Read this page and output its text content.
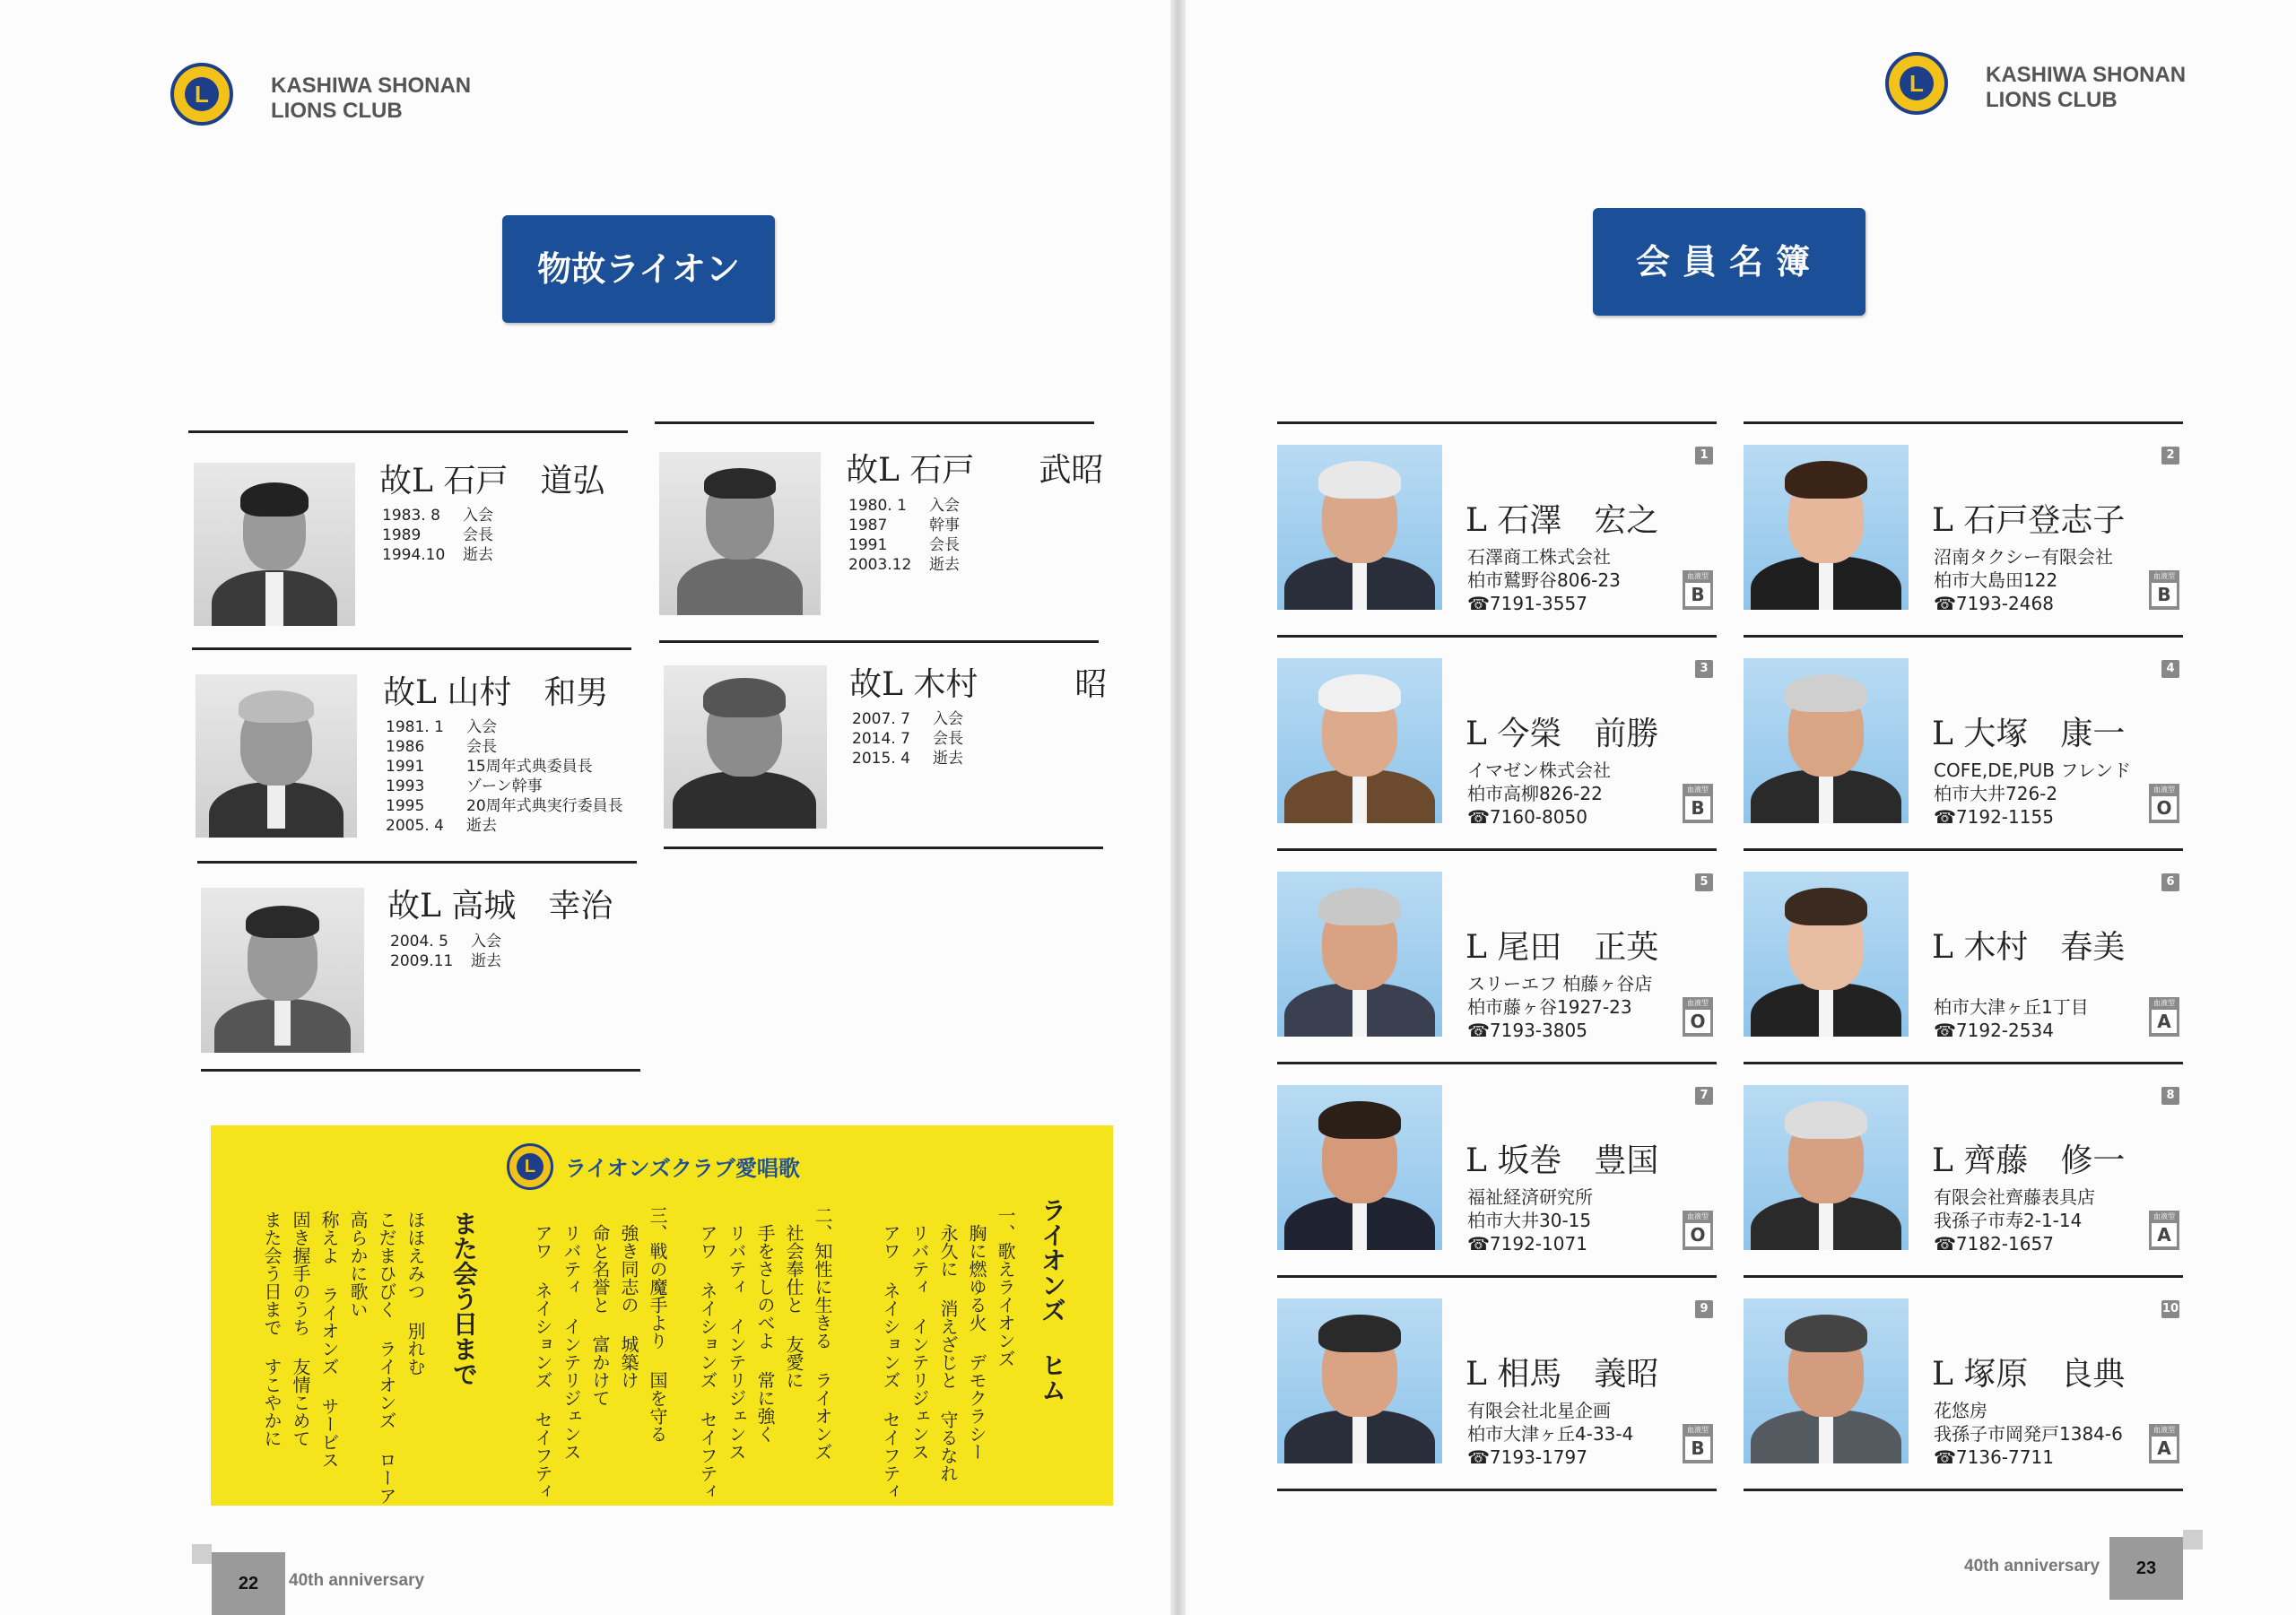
L	KASHIWA SHONAN
LIONS CLUB
物故ライオン
故L 石戸　道弘
1983. 8	入会
1989	会長
1994.10	逝去
故L 石戸　　武昭
1980. 1	入会
1987	幹事
1991	会長
2003.12	逝去
故L 山村　和男
1981. 1	入会
1986	会長
1991	15周年式典委員長
1993	ゾーン幹事
1995	20周年式典実行委員長
2005. 4	逝去
故L 木村　　　昭
2007. 7	入会
2014. 7	会長
2015. 4	逝去
故L 高城　幸治
2004. 5	入会
2009.11	逝去
L	ライオンズクラブ愛唱歌
ライオンズ ヒム
一、歌えライオンズ
　胸に燃ゆる火 デモクラシー
　永久に 消えざじと 守るなれ
　リバティ インテリジェンス
　アワ ネイションズ セイフティ
二、知性に生きる ライオンズ
　社会奉仕と 友愛に
　手をさしのべよ 常に強く
　リバティ インテリジェンス
　アワ ネイションズ セイフティ
三、戦の魔手より 国を守る
　強き同志の 城築け
　命と名誉と 富かけて
　リバティ インテリジェンス
　アワ ネイションズ セイフティ
また会う日まで
ほほえみつ 別れむ
こだまひびく ライオンズ ローア
高らかに歌い
称えよ ライオンズ サービス
固き握手のうち 友情こめて
また会う日まで すこやかに
22	40th anniversary
L	KASHIWA SHONAN
LIONS CLUB
会員名簿
1
L 石澤　宏之
石澤商工株式会社
柏市鷲野谷806-23
☎7191-3557
血液型
B
2
L 石戸登志子
沼南タクシー有限会社
柏市大島田122
☎7193-2468
血液型
B
3
L 今榮　前勝
イマゼン株式会社
柏市高柳826-22
☎7160-8050
血液型
B
4
L 大塚　康一
COFE,DE,PUB フレンド
柏市大井726-2
☎7192-1155
血液型
O
5
L 尾田　正英
スリーエフ 柏藤ヶ谷店
柏市藤ヶ谷1927-23
☎7193-3805
血液型
O
6
L 木村　春美
柏市大津ヶ丘1丁目
☎7192-2534
血液型
A
7
L 坂巻　豊国
福祉経済研究所
柏市大井30-15
☎7192-1071
血液型
O
8
L 齊藤　修一
有限会社齊藤表具店
我孫子市寿2-1-14
☎7182-1657
血液型
A
9
L 相馬　義昭
有限会社北星企画
柏市大津ヶ丘4-33-4
☎7193-1797
血液型
B
10
L 塚原　良典
花悠房
我孫子市岡発戸1384-6
☎7136-7711
血液型
A
23
40th anniversary
